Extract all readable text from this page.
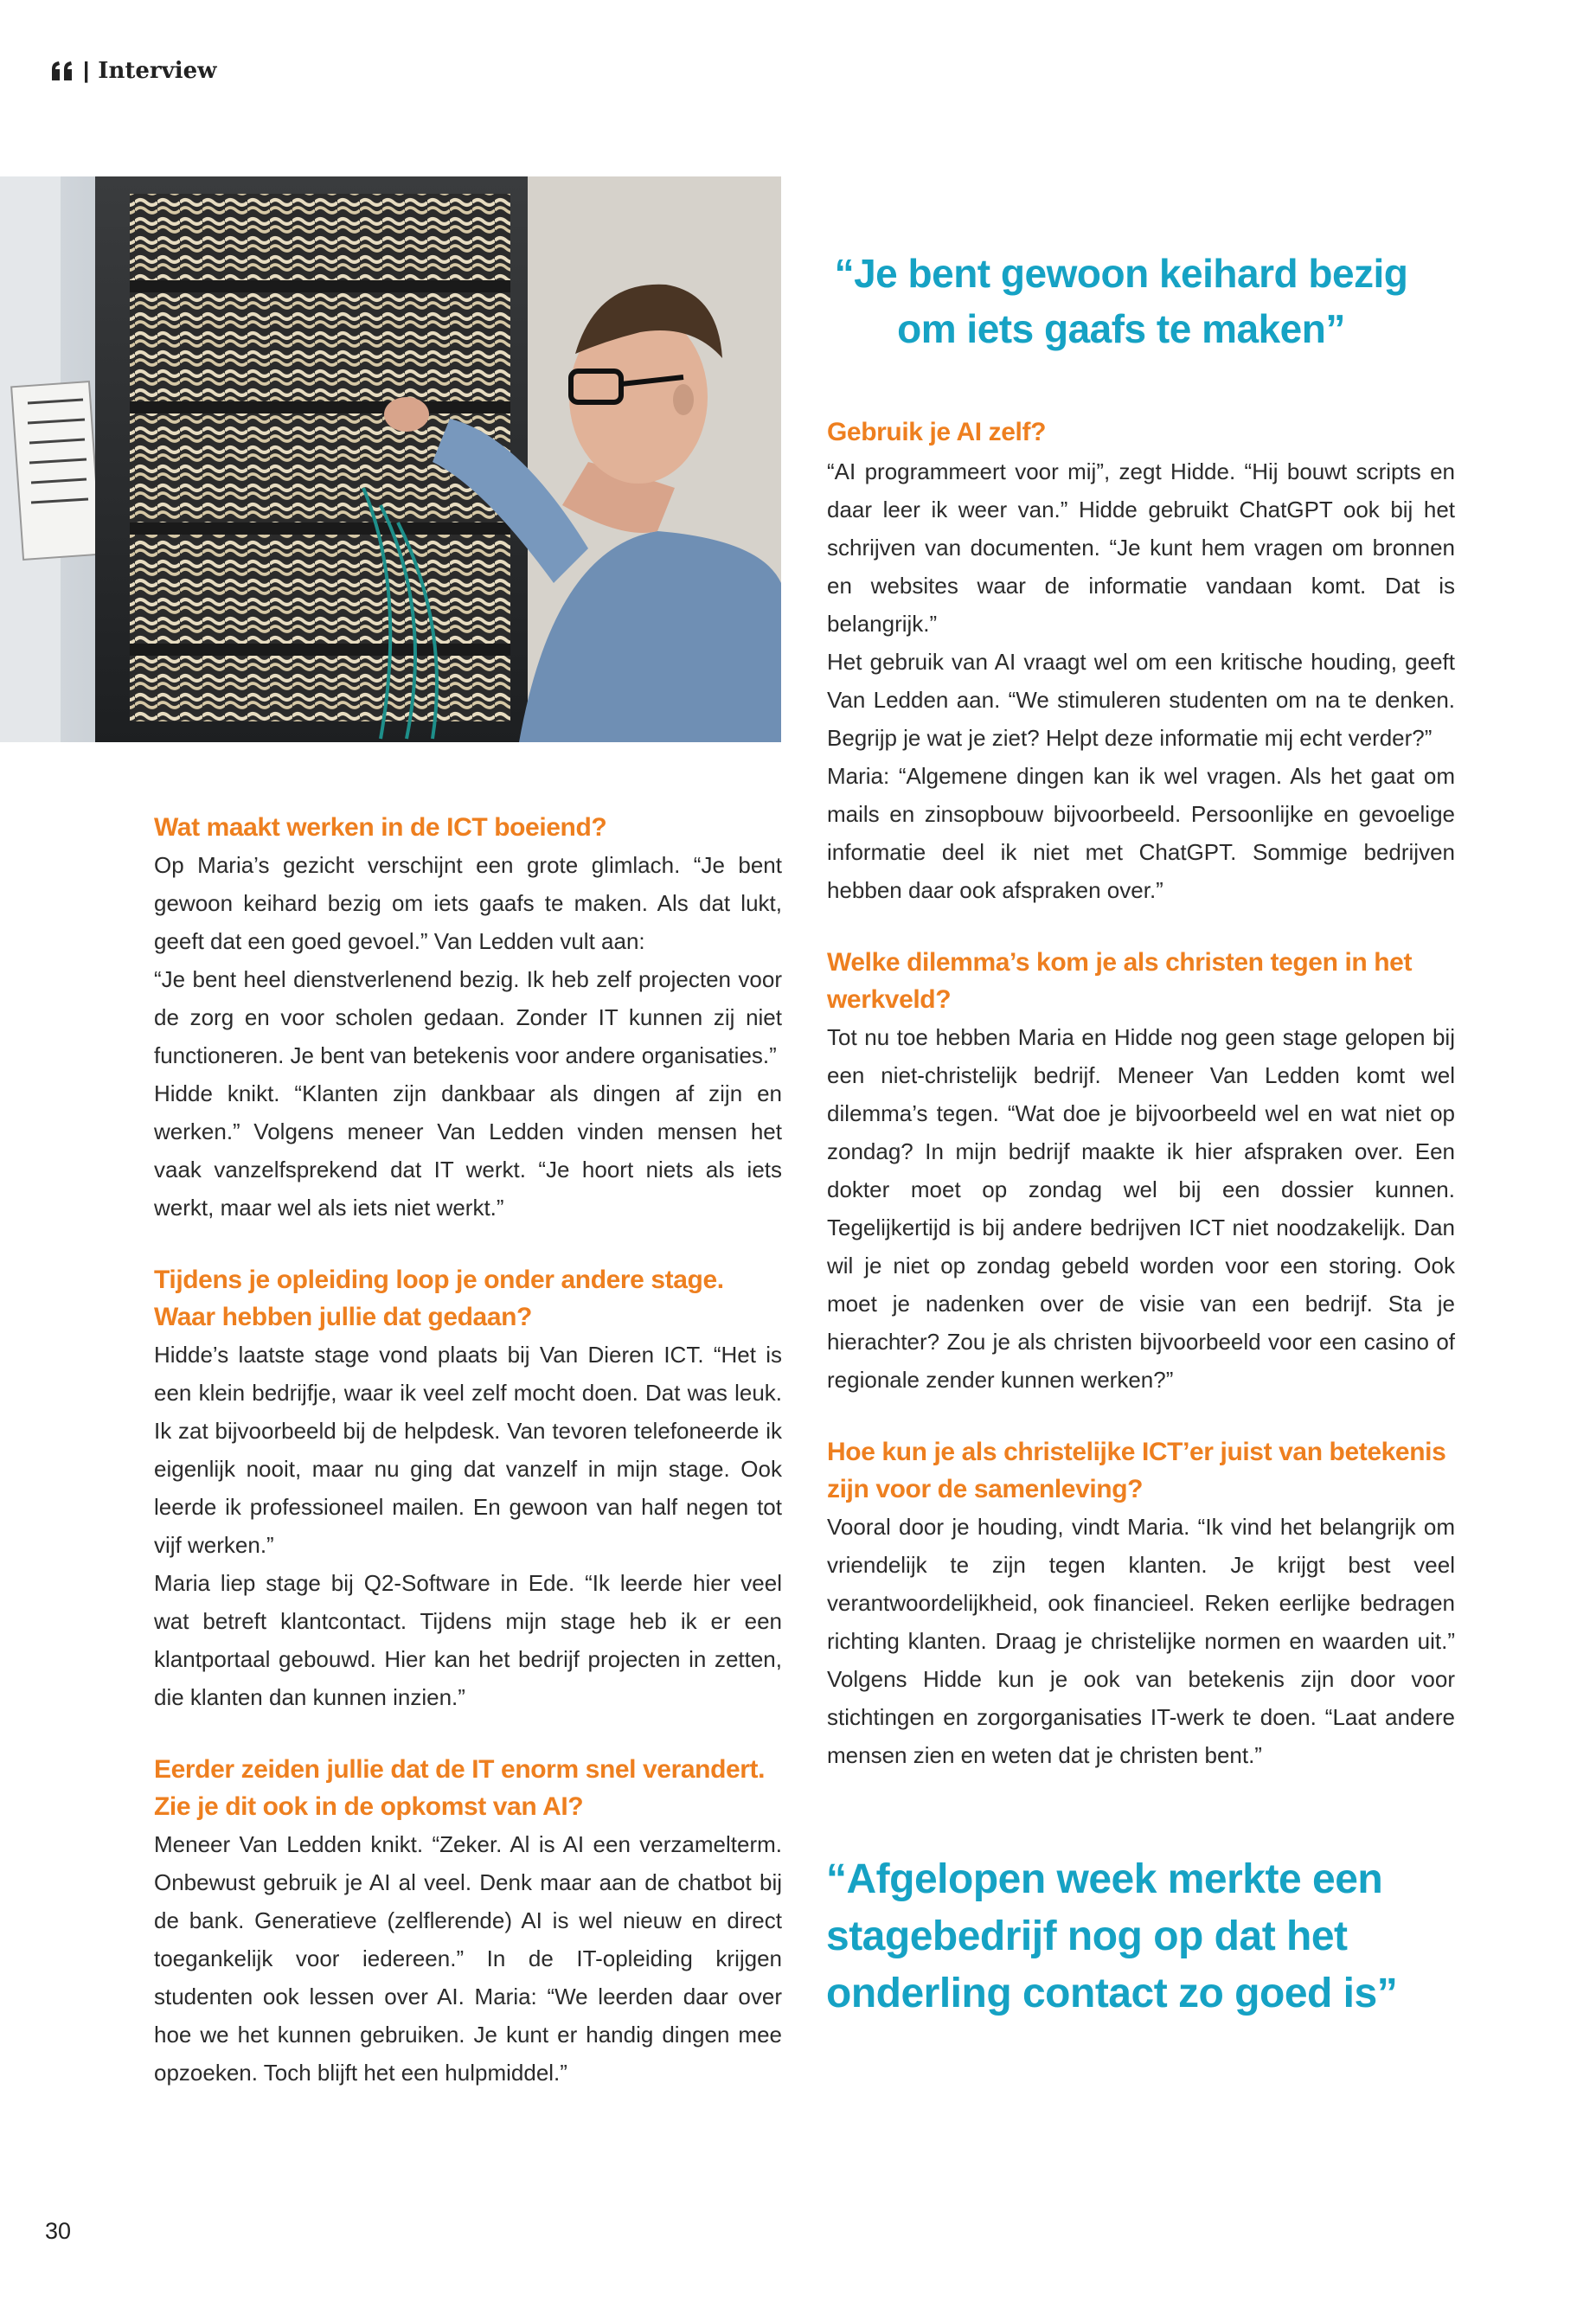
| Interview
“Je bent gewoon keihard bezig om iets gaafs te maken”
Wat maakt werken in de ICT boeiend?

Op Maria’s gezicht verschijnt een grote glimlach. “Je bent gewoon keihard bezig om iets gaafs te maken. Als dat lukt, geeft dat een goed gevoel.” Van Ledden vult aan:

“Je bent heel dienstverlenend bezig. Ik heb zelf projecten voor de zorg en voor scholen gedaan. Zonder IT kunnen zij niet functioneren. Je bent van betekenis voor andere organisaties.”

Hidde knikt. “Klanten zijn dankbaar als dingen af zijn en werken.” Volgens meneer Van Ledden vinden mensen het vaak vanzelfsprekend dat IT werkt. “Je hoort niets als iets werkt, maar wel als iets niet werkt.”

Tijdens je opleiding loop je onder andere stage. Waar hebben jullie dat gedaan?

Hidde’s laatste stage vond plaats bij Van Dieren ICT. “Het is een klein bedrijfje, waar ik veel zelf mocht doen. Dat was leuk. Ik zat bijvoorbeeld bij de helpdesk. Van tevoren telefoneerde ik eigenlijk nooit, maar nu ging dat vanzelf in mijn stage. Ook leerde ik professioneel mailen. En gewoon van half negen tot vijf werken.”

Maria liep stage bij Q2-Software in Ede. “Ik leerde hier veel wat betreft klantcontact. Tijdens mijn stage heb ik er een klantportaal gebouwd. Hier kan het bedrijf projecten in zetten, die klanten dan kunnen inzien.”

Eerder zeiden jullie dat de IT enorm snel verandert. Zie je dit ook in de opkomst van AI?

Meneer Van Ledden knikt. “Zeker. Al is AI een verzamelterm. Onbewust gebruik je AI al veel. Denk maar aan de chatbot bij de bank. Generatieve (zelflerende) AI is wel nieuw en direct toegankelijk voor iedereen.” In de IT-opleiding krijgen studenten ook lessen over AI. Maria: “We leerden daar over hoe we het kunnen gebruiken. Je kunt er handig dingen mee opzoeken. Toch blijft het een hulpmiddel.”

Gebruik je AI zelf?

“AI programmeert voor mij”, zegt Hidde. “Hij bouwt scripts en daar leer ik weer van.” Hidde gebruikt ChatGPT ook bij het schrijven van documenten. “Je kunt hem vragen om bronnen en websites waar de informatie vandaan komt. Dat is belangrijk.”

Het gebruik van AI vraagt wel om een kritische houding, geeft Van Ledden aan. “We stimuleren studenten om na te denken. Begrijp je wat je ziet? Helpt deze informatie mij echt verder?”

Maria: “Algemene dingen kan ik wel vragen. Als het gaat om mails en zinsopbouw bijvoorbeeld. Persoonlijke en gevoelige informatie deel ik niet met ChatGPT. Sommige bedrijven hebben daar ook afspraken over.”

Welke dilemma’s kom je als christen tegen in het werkveld?

Tot nu toe hebben Maria en Hidde nog geen stage gelopen bij een niet-christelijk bedrijf. Meneer Van Ledden komt wel dilemma’s tegen. “Wat doe je bijvoorbeeld wel en wat niet op zondag? In mijn bedrijf maakte ik hier afspraken over. Een dokter moet op zondag wel bij een dossier kunnen. Tegelijkertijd is bij andere bedrijven ICT niet noodzakelijk. Dan wil je niet op zondag gebeld worden voor een storing. Ook moet je nadenken over de visie van een bedrijf. Sta je hierachter? Zou je als christen bijvoorbeeld voor een casino of regionale zender kunnen werken?”

Hoe kun je als christelijke ICT’er juist van betekenis zijn voor de samenleving?

Vooral door je houding, vindt Maria. “Ik vind het belangrijk om vriendelijk te zijn tegen klanten. Je krijgt best veel verantwoordelijkheid, ook financieel. Reken eerlijke bedragen richting klanten. Draag je christelijke normen en waarden uit.” Volgens Hidde kun je ook van betekenis zijn door voor stichtingen en zorgorganisaties IT-werk te doen. “Laat andere mensen zien en weten dat je christen bent.”

“Afgelopen week merkte een stagebedrijf nog op dat het onderling contact zo goed is”
30
